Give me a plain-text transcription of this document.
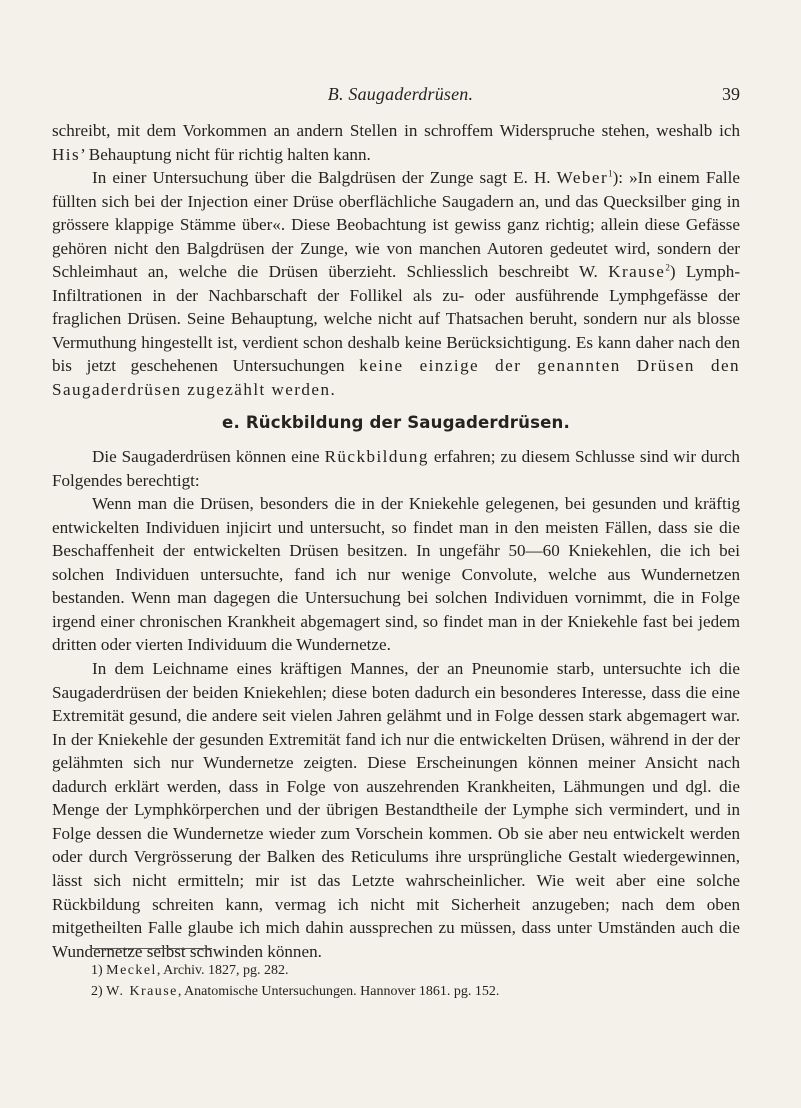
B. Saugaderdrüsen.	39

schreibt, mit dem Vorkommen an andern Stellen in schroffem Widerspruche stehen, weshalb ich His’ Behauptung nicht für richtig halten kann.

In einer Untersuchung über die Balgdrüsen der Zunge sagt E. H. Weber$^1$): »In einem Falle füllten sich bei der Injection einer Drüse oberflächliche Saugadern an, und das Quecksilber ging in grössere klappige Stämme über«. Diese Beobachtung ist gewiss ganz richtig; allein diese Gefässe gehören nicht den Balgdrüsen der Zunge, wie von manchen Autoren gedeutet wird, sondern der Schleimhaut an, welche die Drüsen überzieht. Schliesslich beschreibt W. Krause$^2$) Lymph-Infiltrationen in der Nachbarschaft der Follikel als zu- oder ausführende Lymphgefässe der fraglichen Drüsen. Seine Behauptung, welche nicht auf Thatsachen beruht, sondern nur als blosse Vermuthung hingestellt ist, verdient schon deshalb keine Berücksichtigung. Es kann daher nach den bis jetzt geschehenen Untersuchungen keine einzige der genannten Drüsen den Saugaderdrüsen zugezählt werden.

e. Rückbildung der Saugaderdrüsen.

Die Saugaderdrüsen können eine Rückbildung erfahren; zu diesem Schlusse sind wir durch Folgendes berechtigt:

Wenn man die Drüsen, besonders die in der Kniekehle gelegenen, bei gesunden und kräftig entwickelten Individuen injicirt und untersucht, so findet man in den meisten Fällen, dass sie die Beschaffenheit der entwickelten Drüsen besitzen. In ungefähr 50—60 Kniekehlen, die ich bei solchen Individuen untersuchte, fand ich nur wenige Convolute, welche aus Wundernetzen bestanden. Wenn man dagegen die Untersuchung bei solchen Individuen vornimmt, die in Folge irgend einer chronischen Krankheit abgemagert sind, so findet man in der Kniekehle fast bei jedem dritten oder vierten Individuum die Wundernetze.

In dem Leichname eines kräftigen Mannes, der an Pneunomie starb, untersuchte ich die Saugaderdrüsen der beiden Kniekehlen; diese boten dadurch ein besonderes Interesse, dass die eine Extremität gesund, die andere seit vielen Jahren gelähmt und in Folge dessen stark abgemagert war. In der Kniekehle der gesunden Extremität fand ich nur die entwickelten Drüsen, während in der der gelähmten sich nur Wundernetze zeigten. Diese Erscheinungen können meiner Ansicht nach dadurch erklärt werden, dass in Folge von auszehrenden Krankheiten, Lähmungen und dgl. die Menge der Lymphkörperchen und der übrigen Bestandtheile der Lymphe sich vermindert, und in Folge dessen die Wundernetze wieder zum Vorschein kommen. Ob sie aber neu entwickelt werden oder durch Vergrösserung der Balken des Reticulums ihre ursprüngliche Gestalt wiedergewinnen, lässt sich nicht ermitteln; mir ist das Letzte wahrscheinlicher. Wie weit aber eine solche Rückbildung schreiten kann, vermag ich nicht mit Sicherheit anzugeben; nach dem oben mitgetheilten Falle glaube ich mich dahin aussprechen zu müssen, dass unter Umständen auch die Wundernetze selbst schwinden können.

1) Meckel, Archiv. 1827, pg. 282.
2) W. Krause, Anatomische Untersuchungen. Hannover 1861. pg. 152.
